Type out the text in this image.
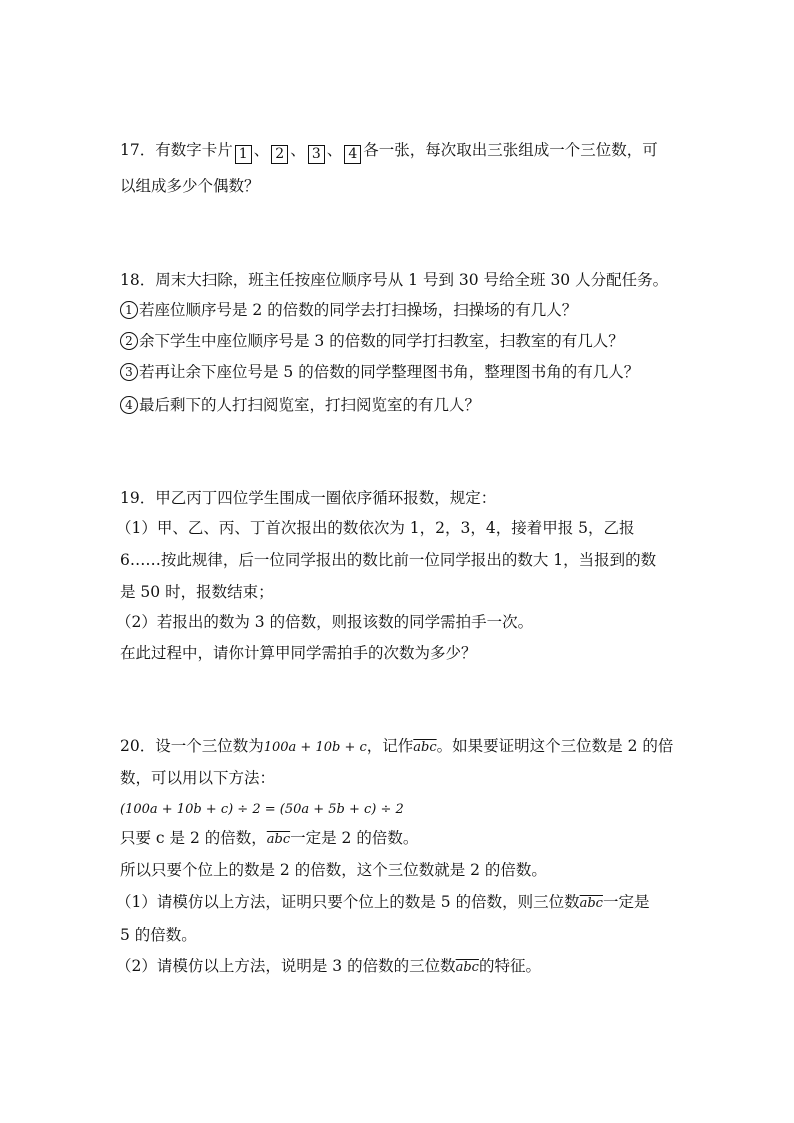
17．有数字卡片 1 、 2 、 3 、 4 各一张，每次取出三张组成一个三位数，可
以组成多少个偶数？
18．周末大扫除，班主任按座位顺序号从 1 号到 30 号给全班 30 人分配任务。
1 若座位顺序号是 2 的倍数的同学去打扫操场，扫操场的有几人？
2 余下学生中座位顺序号是 3 的倍数的同学打扫教室，扫教室的有几人？
3 若再让余下座位号是 5 的倍数的同学整理图书角，整理图书角的有几人？
4 最后剩下的人打扫阅览室，打扫阅览室的有几人？
19．甲乙丙丁四位学生围成一圈依序循环报数，规定：
（1）甲、乙、丙、丁首次报出的数依次为 1，2，3，4，接着甲报 5，乙报
6……按此规律，后一位同学报出的数比前一位同学报出的数大 1，当报到的数
是 50 时，报数结束；
（2）若报出的数为 3 的倍数，则报该数的同学需拍手一次。
在此过程中，请你计算甲同学需拍手的次数为多少？
20．设一个三位数为100a + 10b + c，记作$\overline{abc}$。如果要证明这个三位数是 2 的倍
数，可以用以下方法：
(100a + 10b + c) ÷ 2 = (50a + 5b + c) ÷ 2
只要 c 是 2 的倍数，$\overline{abc}$一定是 2 的倍数。
所以只要个位上的数是 2 的倍数，这个三位数就是 2 的倍数。
（1）请模仿以上方法，证明只要个位上的数是 5 的倍数，则三位数$\overline{abc}$一定是
5 的倍数。
（2）请模仿以上方法，说明是 3 的倍数的三位数$\overline{abc}$的特征。
